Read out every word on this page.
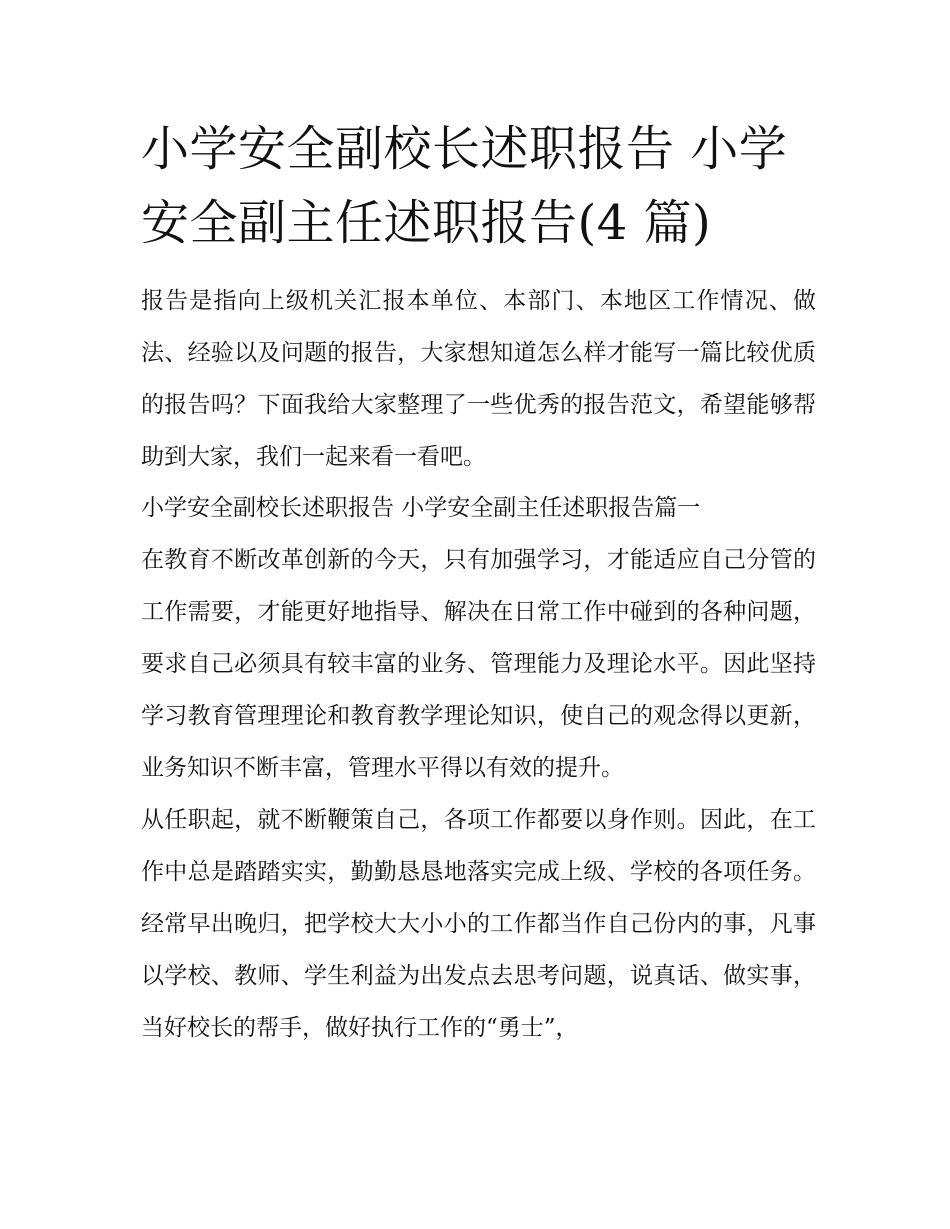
小学安全副校长述职报告 小学
安全副主任述职报告(4 篇)

报告是指向上级机关汇报本单位、本部门、本地区工作情况、做法、经验以及问题的报告，大家想知道怎么样才能写一篇比较优质的报告吗？下面我给大家整理了一些优秀的报告范文，希望能够帮助到大家，我们一起来看一看吧。

小学安全副校长述职报告 小学安全副主任述职报告篇一

在教育不断改革创新的今天，只有加强学习，才能适应自己分管的工作需要，才能更好地指导、解决在日常工作中碰到的各种问题，要求自己必须具有较丰富的业务、管理能力及理论水平。因此坚持学习教育管理理论和教育教学理论知识，使自己的观念得以更新，业务知识不断丰富，管理水平得以有效的提升。

从任职起，就不断鞭策自己，各项工作都要以身作则。因此，在工作中总是踏踏实实，勤勤恳恳地落实完成上级、学校的各项任务。经常早出晚归，把学校大大小小的工作都当作自己份内的事，凡事以学校、教师、学生利益为出发点去思考问题，说真话、做实事，当好校长的帮手，做好执行工作的“勇士”，
